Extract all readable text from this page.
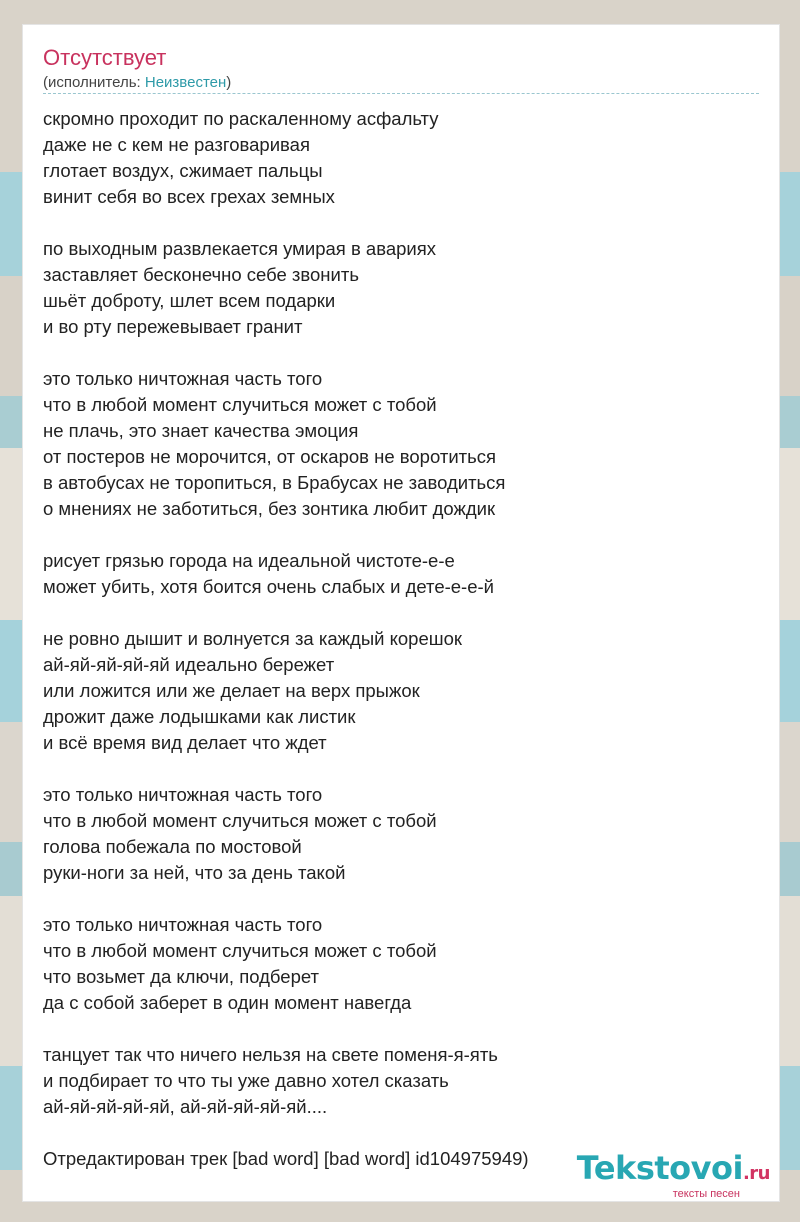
Отсутствует
(исполнитель: Неизвестен)
скромно проходит по раскаленному асфальту
даже не с кем не разговаривая
глотает воздух, сжимает пальцы
винит себя во всех грехах земных
по выходным развлекается умирая в авариях
заставляет бесконечно себе звонить
шьёт доброту, шлет всем подарки
и во рту пережевывает гранит
это только ничтожная часть того
что в любой момент случиться может с тобой
не плачь, это знает качества эмоция
от постеров не морочится, от оскаров не воротиться
в автобусах не торопиться, в Брабусах не заводиться
о мнениях не заботиться, без зонтика любит дождик
рисует грязью города на идеальной чистоте-е-е
может убить, хотя боится очень слабых и дете-е-е-й
не ровно дышит и волнуется за каждый корешок
ай-яй-яй-яй-яй идеально бережет
или ложится или же делает на верх прыжок
дрожит даже лодышками как листик
и всё время вид делает что ждет
это только ничтожная часть того
что в любой момент случиться может с тобой
голова побежала по мостовой
руки-ноги за ней, что за день такой
это только ничтожная часть того
что в любой момент случиться может с тобой
что возьмет да ключи, подберет
да с собой заберет в один момент навегда
танцует так что ничего нельзя на свете поменя-я-ять
и подбирает то что ты уже давно хотел сказать
ай-яй-яй-яй-яй, ай-яй-яй-яй-яй....
Отредактирован трек [bad word] [bad word] id104975949)	Tekstovoi.ru
тексты песен
